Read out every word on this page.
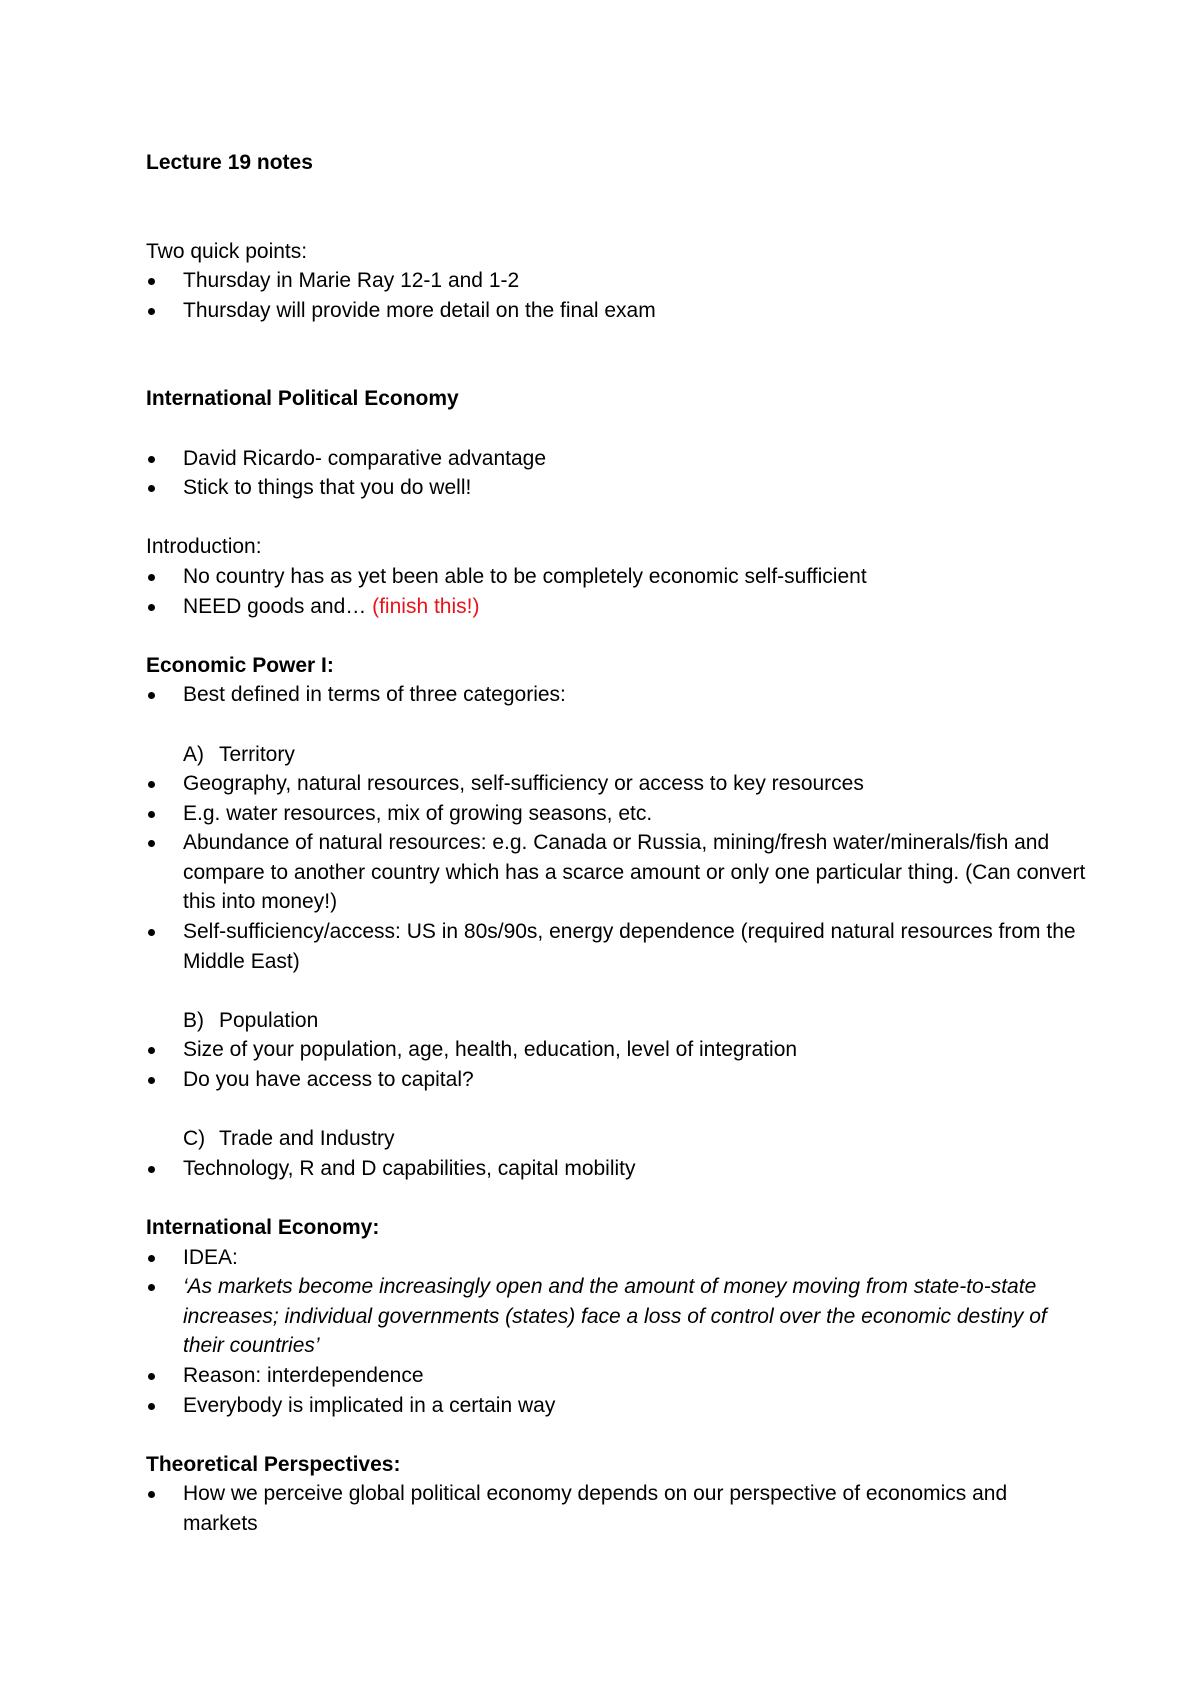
Lecture 19 notes

Two quick points:

Thursday in Marie Ray 12-1 and 1-2
Thursday will provide more detail on the final exam

International Political Economy

David Ricardo- comparative advantage
Stick to things that you do well!

Introduction:

No country has as yet been able to be completely economic self-sufficient
NEED goods and… (finish this!)

Economic Power I:

Best defined in terms of three categories:

A) Territory

Geography, natural resources, self-sufficiency or access to key resources
E.g. water resources, mix of growing seasons, etc.
Abundance of natural resources: e.g. Canada or Russia, mining/fresh water/minerals/fish and compare to another country which has a scarce amount or only one particular thing. (Can convert this into money!)
Self-sufficiency/access: US in 80s/90s, energy dependence (required natural resources from the Middle East)

B) Population

Size of your population, age, health, education, level of integration
Do you have access to capital?

C) Trade and Industry

Technology, R and D capabilities, capital mobility

International Economy:

IDEA:
‘As markets become increasingly open and the amount of money moving from state-to-state increases; individual governments (states) face a loss of control over the economic destiny of their countries’
Reason: interdependence
Everybody is implicated in a certain way

Theoretical Perspectives:

How we perceive global political economy depends on our perspective of economics and markets
